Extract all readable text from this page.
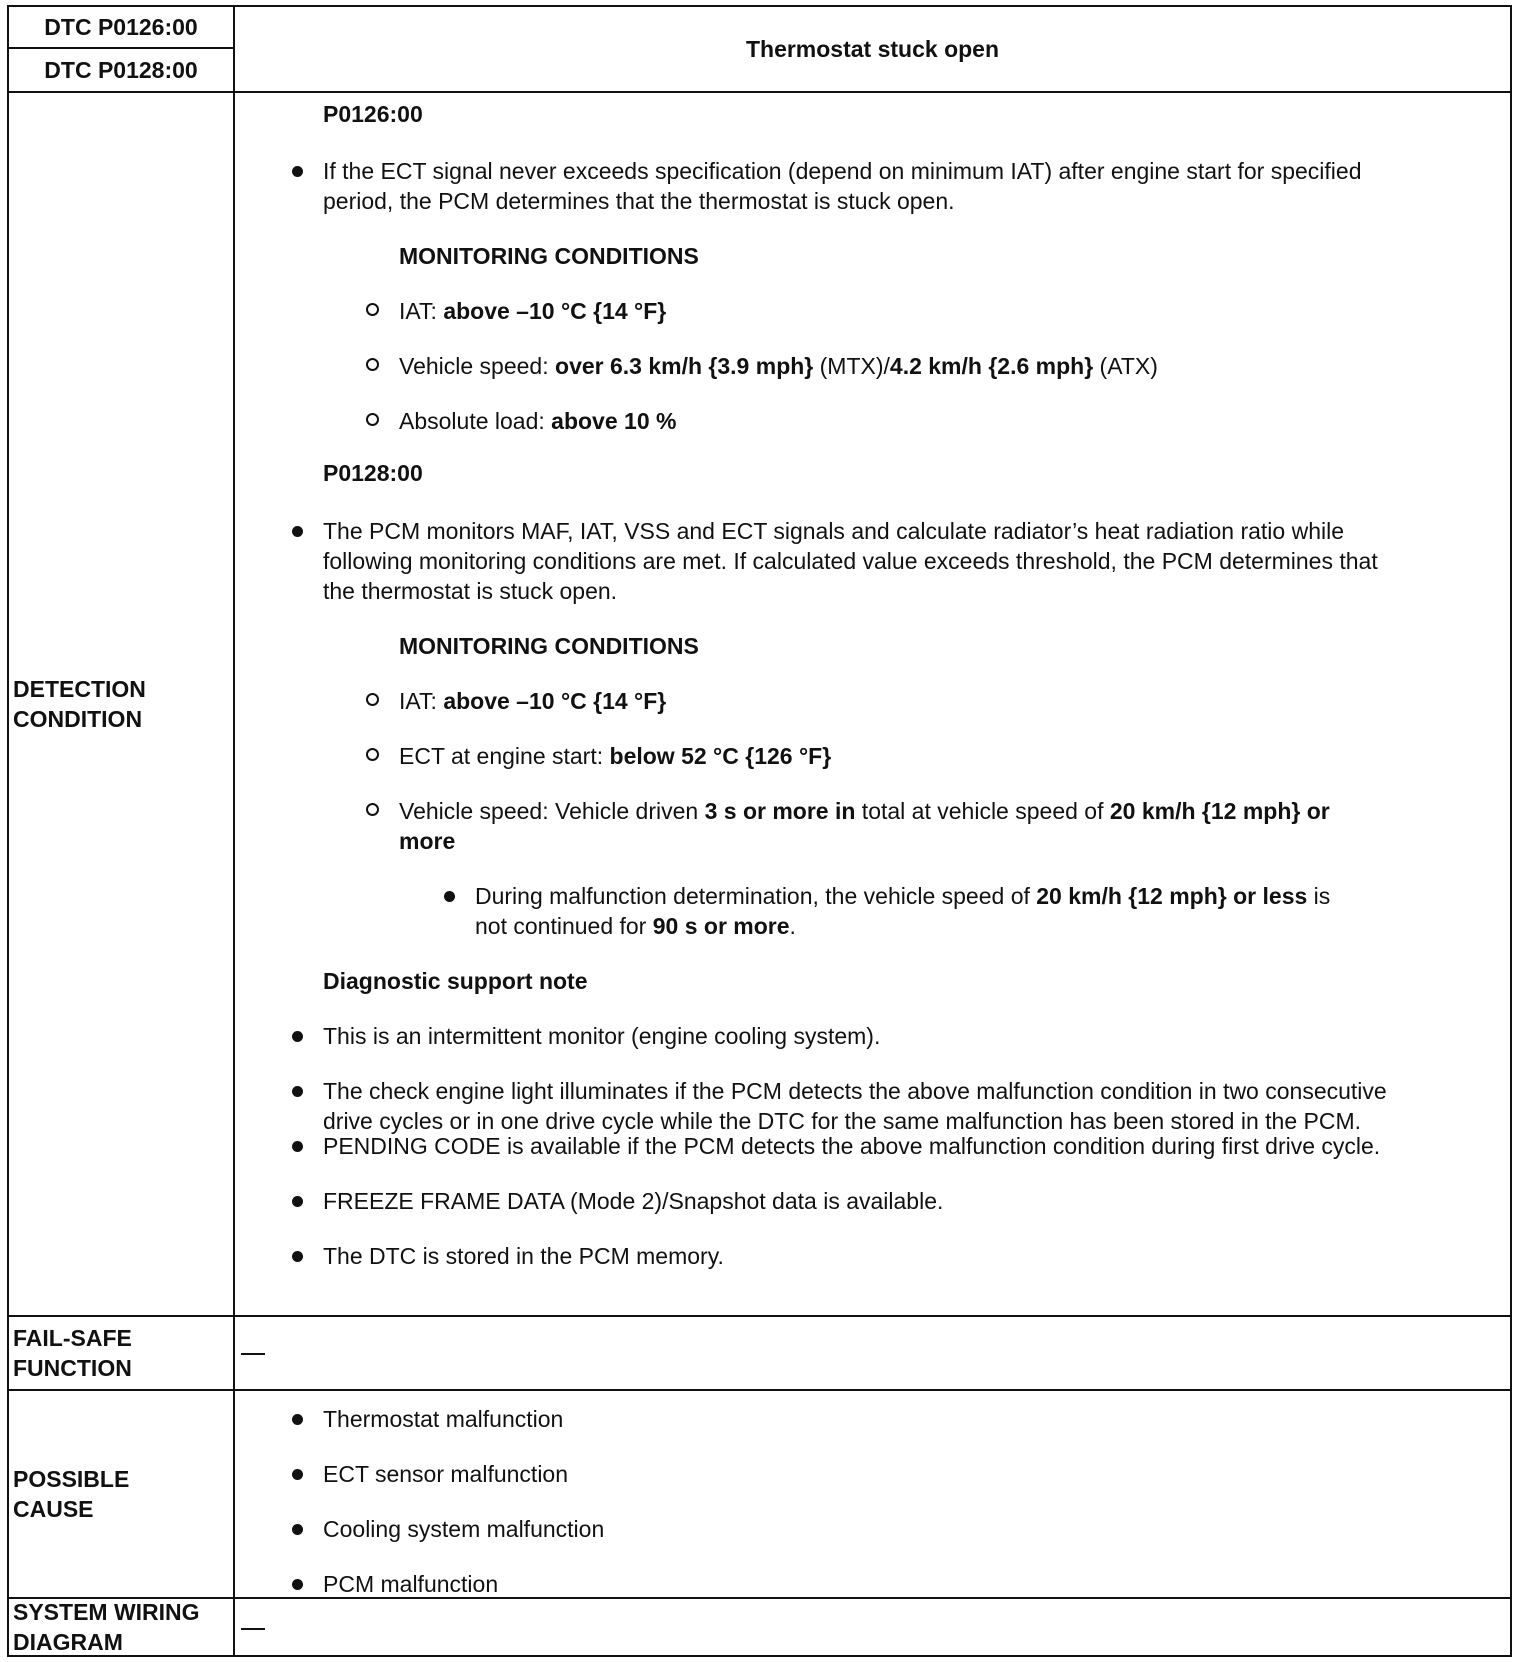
DTC P0126:00
DTC P0128:00
Thermostat stuck open
DETECTION
CONDITION
P0126:00
If the ECT signal never exceeds specification (depend on minimum IAT) after engine start for specified
period, the PCM determines that the thermostat is stuck open.
MONITORING CONDITIONS
IAT: above –10 °C {14 °F}
Vehicle speed: over 6.3 km/h {3.9 mph} (MTX)/4.2 km/h {2.6 mph} (ATX)
Absolute load: above 10 %
P0128:00
The PCM monitors MAF, IAT, VSS and ECT signals and calculate radiator’s heat radiation ratio while
following monitoring conditions are met. If calculated value exceeds threshold, the PCM determines that
the thermostat is stuck open.
MONITORING CONDITIONS
IAT: above –10 °C {14 °F}
ECT at engine start: below 52 °C {126 °F}
Vehicle speed: Vehicle driven 3 s or more in total at vehicle speed of 20 km/h {12 mph} or
more
During malfunction determination, the vehicle speed of 20 km/h {12 mph} or less is
not continued for 90 s or more.
Diagnostic support note
This is an intermittent monitor (engine cooling system).
The check engine light illuminates if the PCM detects the above malfunction condition in two consecutive
drive cycles or in one drive cycle while the DTC for the same malfunction has been stored in the PCM.
PENDING CODE is available if the PCM detects the above malfunction condition during first drive cycle.
FREEZE FRAME DATA (Mode 2)/Snapshot data is available.
The DTC is stored in the PCM memory.
FAIL-SAFE
FUNCTION
POSSIBLE
CAUSE
Thermostat malfunction
ECT sensor malfunction
Cooling system malfunction
PCM malfunction
SYSTEM WIRING
DIAGRAM
